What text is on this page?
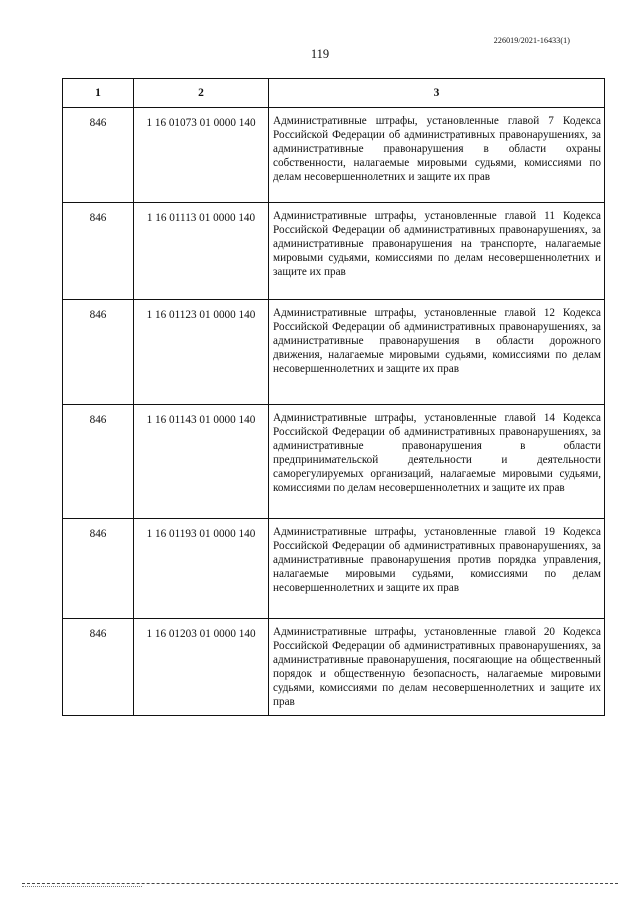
226019/2021-16433(1)
119
1	2	3
846	1 16 01073 01 0000 140	Административные штрафы, установленные главой 7 Кодекса Российской Федерации об административных правонарушениях, за административные правонарушения в области охраны собственности, налагаемые мировыми судьями, комиссиями по делам несовершеннолетних и защите их прав
846	1 16 01113 01 0000 140	Административные штрафы, установленные главой 11 Кодекса Российской Федерации об административных правонарушениях, за административные правонарушения на транспорте, налагаемые мировыми судьями, комиссиями по делам несовершеннолетних и защите их прав
846	1 16 01123 01 0000 140	Административные штрафы, установленные главой 12 Кодекса Российской Федерации об административных правонарушениях, за административные правонарушения в области дорожного движения, налагаемые мировыми судьями, комиссиями по делам несовершеннолетних и защите их прав
846	1 16 01143 01 0000 140	Административные штрафы, установленные главой 14 Кодекса Российской Федерации об административных правонарушениях, за административные правонарушения в области предпринимательской деятельности и деятельности саморегулируемых организаций, налагаемые мировыми судьями, комиссиями по делам несовершеннолетних и защите их прав
846	1 16 01193 01 0000 140	Административные штрафы, установленные главой 19 Кодекса Российской Федерации об административных правонарушениях, за административные правонарушения против порядка управления, налагаемые мировыми судьями, комиссиями по делам несовершеннолетних и защите их прав
846	1 16 01203 01 0000 140	Административные штрафы, установленные главой 20 Кодекса Российской Федерации об административных правонарушениях, за административные правонарушения, посягающие на общественный порядок и общественную безопасность, налагаемые мировыми судьями, комиссиями по делам несовершеннолетних и защите их прав
